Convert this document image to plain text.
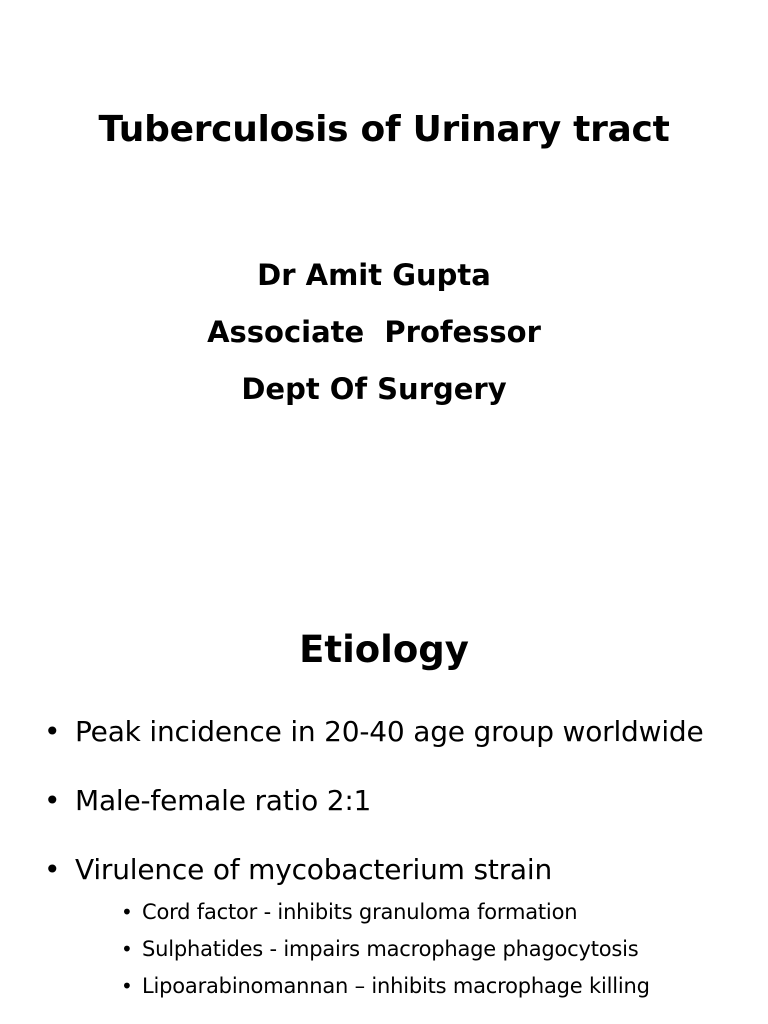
Tuberculosis of Urinary tract
Dr Amit Gupta
Associate  Professor
Dept Of Surgery
Etiology
• Peak incidence in 20-40 age group worldwide
• Male-female ratio 2:1
• Virulence of mycobacterium strain
• Cord factor - inhibits granuloma formation
• Sulphatides - impairs macrophage phagocytosis
• Lipoarabinomannan – inhibits macrophage killing
